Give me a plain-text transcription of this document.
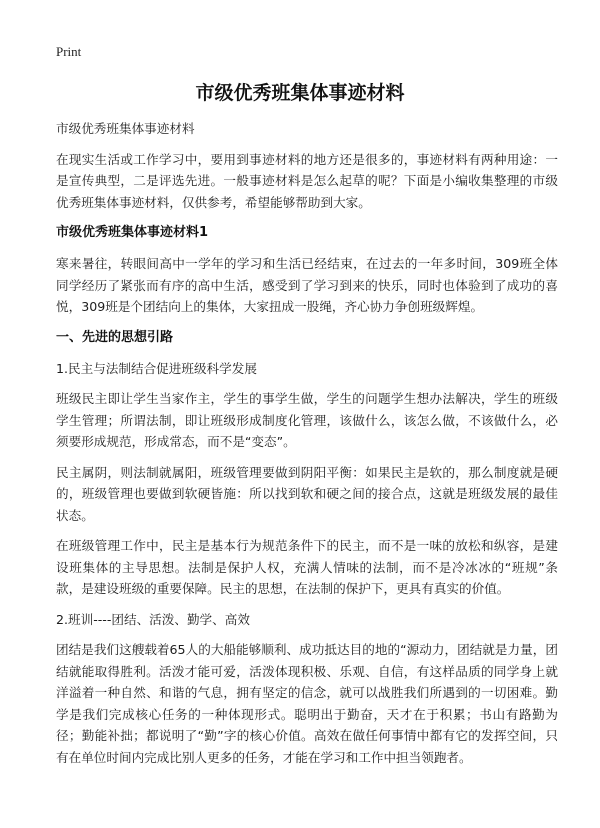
Print
市级优秀班集体事迹材料

市级优秀班集体事迹材料

在现实生活或工作学习中，要用到事迹材料的地方还是很多的，事迹材料有两种用途：一是宣传典型，二是评选先进。一般事迹材料是怎么起草的呢？下面是小编收集整理的市级优秀班集体事迹材料，仅供参考，希望能够帮助到大家。

市级优秀班集体事迹材料1

寒来暑往，转眼间高中一学年的学习和生活已经结束，在过去的一年多时间，309班全体同学经历了紧张而有序的高中生活，感受到了学习到来的快乐，同时也体验到了成功的喜悦，309班是个团结向上的集体，大家扭成一股绳，齐心协力争创班级辉煌。

一、先进的思想引路

1.民主与法制结合促进班级科学发展

班级民主即让学生当家作主，学生的事学生做，学生的问题学生想办法解决，学生的班级学生管理；所谓法制，即让班级形成制度化管理，该做什么，该怎么做，不该做什么，必须要形成规范，形成常态，而不是“变态”。

民主属阴，则法制就属阳，班级管理要做到阴阳平衡：如果民主是软的，那么制度就是硬的，班级管理也要做到软硬皆施：所以找到软和硬之间的接合点，这就是班级发展的最佳状态。

在班级管理工作中，民主是基本行为规范条件下的民主，而不是一味的放松和纵容，是建设班集体的主导思想。法制是保护人权，充满人情味的法制，而不是冷冰冰的“班规”条款，是建设班级的重要保障。民主的思想，在法制的保护下，更具有真实的价值。

2.班训----团结、活泼、勤学、高效

团结是我们这艘载着65人的大船能够顺利、成功抵达目的地的“源动力，团结就是力量，团结就能取得胜利。活泼才能可爱，活泼体现积极、乐观、自信，有这样品质的同学身上就洋溢着一种自然、和谐的气息，拥有坚定的信念，就可以战胜我们所遇到的一切困难。勤学是我们完成核心任务的一种体现形式。聪明出于勤奋，天才在于积累；书山有路勤为径；勤能补拙；都说明了“勤”字的核心价值。高效在做任何事情中都有它的发挥空间，只有在单位时间内完成比别人更多的任务，才能在学习和工作中担当领跑者。
